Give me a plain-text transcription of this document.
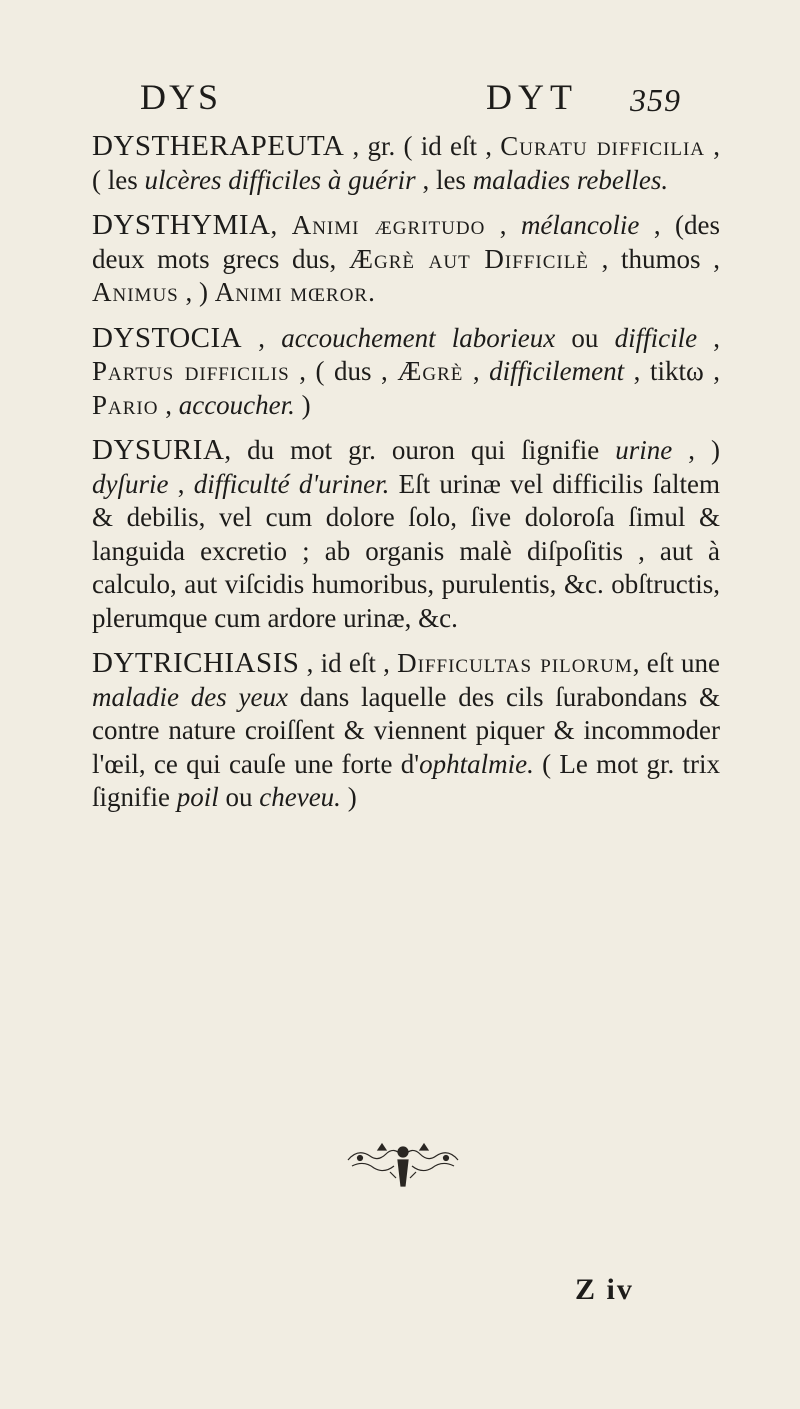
DYS	DYT 359

DYSTHERAPEUTA , gr. ( id eſt , Curatu difficilia , ( les ulcères difficiles à guérir , les maladies rebelles.

DYSTHYMIA, Animi ægritudo , mélancolie , (des deux mots grecs dus, Ægrè aut Difficilè , thumos , Animus , ) Animi mœror.

DYSTOCIA , accouchement laborieux ou difficile , Partus difficilis , ( dus , Ægrè , difficilement , tiktω , Pario , accoucher. )

DYSURIA, du mot gr. ouron qui ſignifie urine , ) dyſurie , difficulté d'uriner. Eſt urinæ vel difficilis ſaltem & debilis, vel cum dolore ſolo, ſive doloroſa ſimul & languida excretio ; ab organis malè diſpoſitis , aut à calculo, aut viſcidis humoribus, purulentis, &c. obſtructis, plerumque cum ardore urinæ, &c.

DYTRICHIASIS , id eſt , Difficultas pilorum, eſt une maladie des yeux dans laquelle des cils ſurabondans & contre nature croiſſent & viennent piquer & incommoder l'œil, ce qui cauſe une forte d'ophtalmie. ( Le mot gr. trix ſignifie poil ou cheveu. )

Z iv
